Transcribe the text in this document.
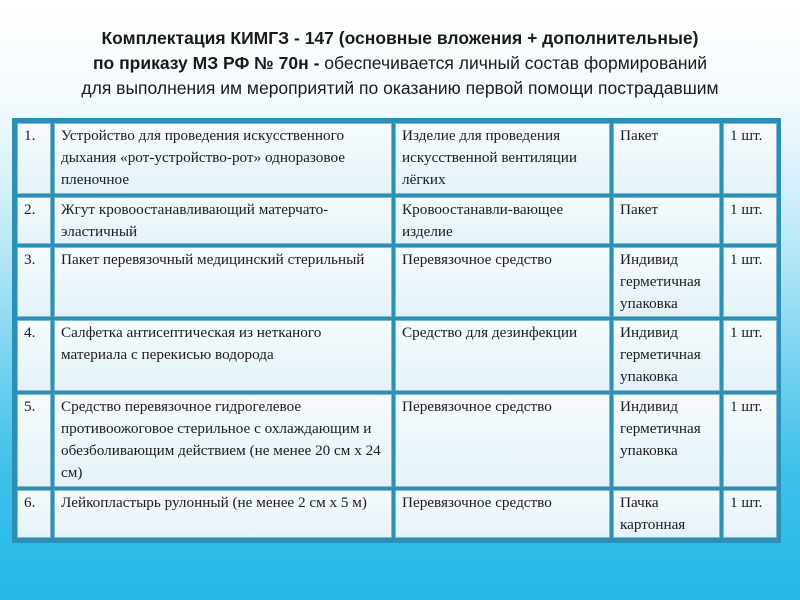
Комплектация КИМГЗ - 147 (основные вложения + дополнительные)
по приказу МЗ РФ № 70н - обеспечивается личный состав формирований
для выполнения им мероприятий по оказанию первой помощи пострадавшим
1.	Устройство для проведения искусственного дыхания «рот-устройство-рот» одноразовое пленочное	Изделие для проведения искусственной вентиляции лёгких	Пакет	1 шт.
2.	Жгут кровоостанавливающий матерчато-эластичный	Кровоостанавли-вающее изделие	Пакет	1 шт.
3.	Пакет перевязочный медицинский стерильный	Перевязочное средство	Индивид герметичная упаковка	1 шт.
4.	Салфетка антисептическая из нетканого материала с перекисью водорода	Средство для дезинфекции	Индивид герметичная упаковка	1 шт.
5.	Средство перевязочное гидрогелевое противоожоговое стерильное с охлаждающим и обезболивающим действием (не менее 20 см х 24 см)	Перевязочное средство	Индивид герметичная упаковка	1 шт.
6.	Лейкопластырь рулонный (не менее 2 см х 5 м)	Перевязочное средство	Пачка картонная	1 шт.
